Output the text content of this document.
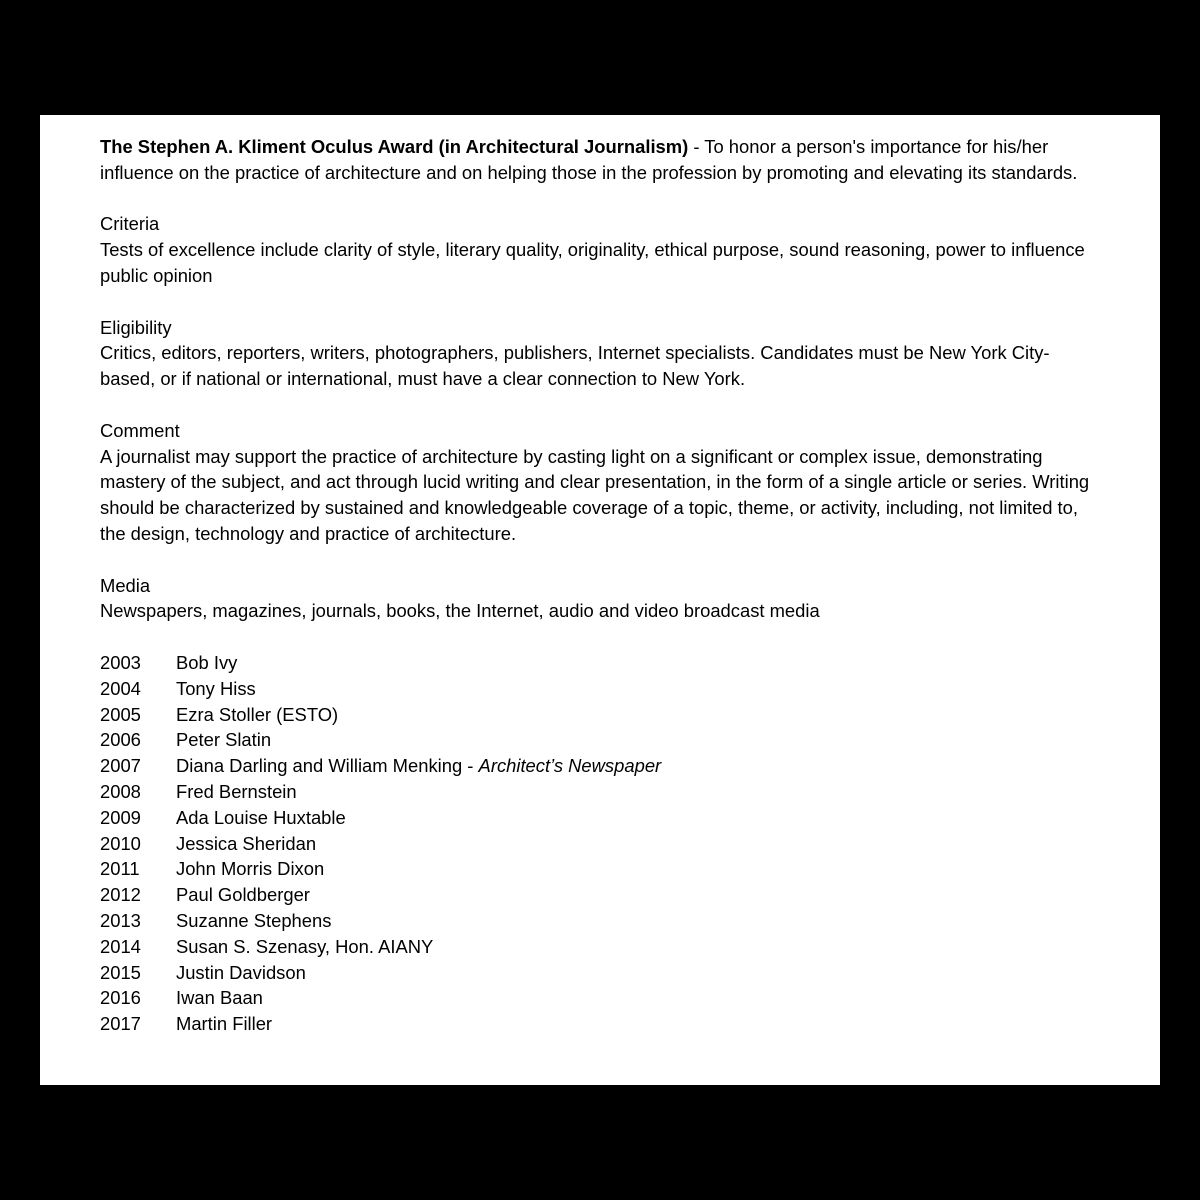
The Stephen A. Kliment Oculus Award (in Architectural Journalism) - To honor a person's importance for his/her influence on the practice of architecture and on helping those in the profession by promoting and elevating its standards.

Criteria
Tests of excellence include clarity of style, literary quality, originality, ethical purpose, sound reasoning, power to influence public opinion
Eligibility
Critics, editors, reporters, writers, photographers, publishers, Internet specialists. Candidates must be New York City- based, or if national or international, must have a clear connection to New York.
Comment
A journalist may support the practice of architecture by casting light on a significant or complex issue, demonstrating mastery of the subject, and act through lucid writing and clear presentation, in the form of a single article or series. Writing should be characterized by sustained and knowledgeable coverage of a topic, theme, or activity, including, not limited to, the design, technology and practice of architecture.
Media
Newspapers, magazines, journals, books, the Internet, audio and video broadcast media
2003	Bob Ivy
2004	Tony Hiss
2005	Ezra Stoller (ESTO)
2006	Peter Slatin
2007	Diana Darling and William Menking - Architect’s Newspaper
2008	Fred Bernstein
2009	Ada Louise Huxtable
2010	Jessica Sheridan
2011	John Morris Dixon
2012	Paul Goldberger
2013	Suzanne Stephens
2014	Susan S. Szenasy, Hon. AIANY
2015	Justin Davidson
2016	Iwan Baan
2017	Martin Filler
